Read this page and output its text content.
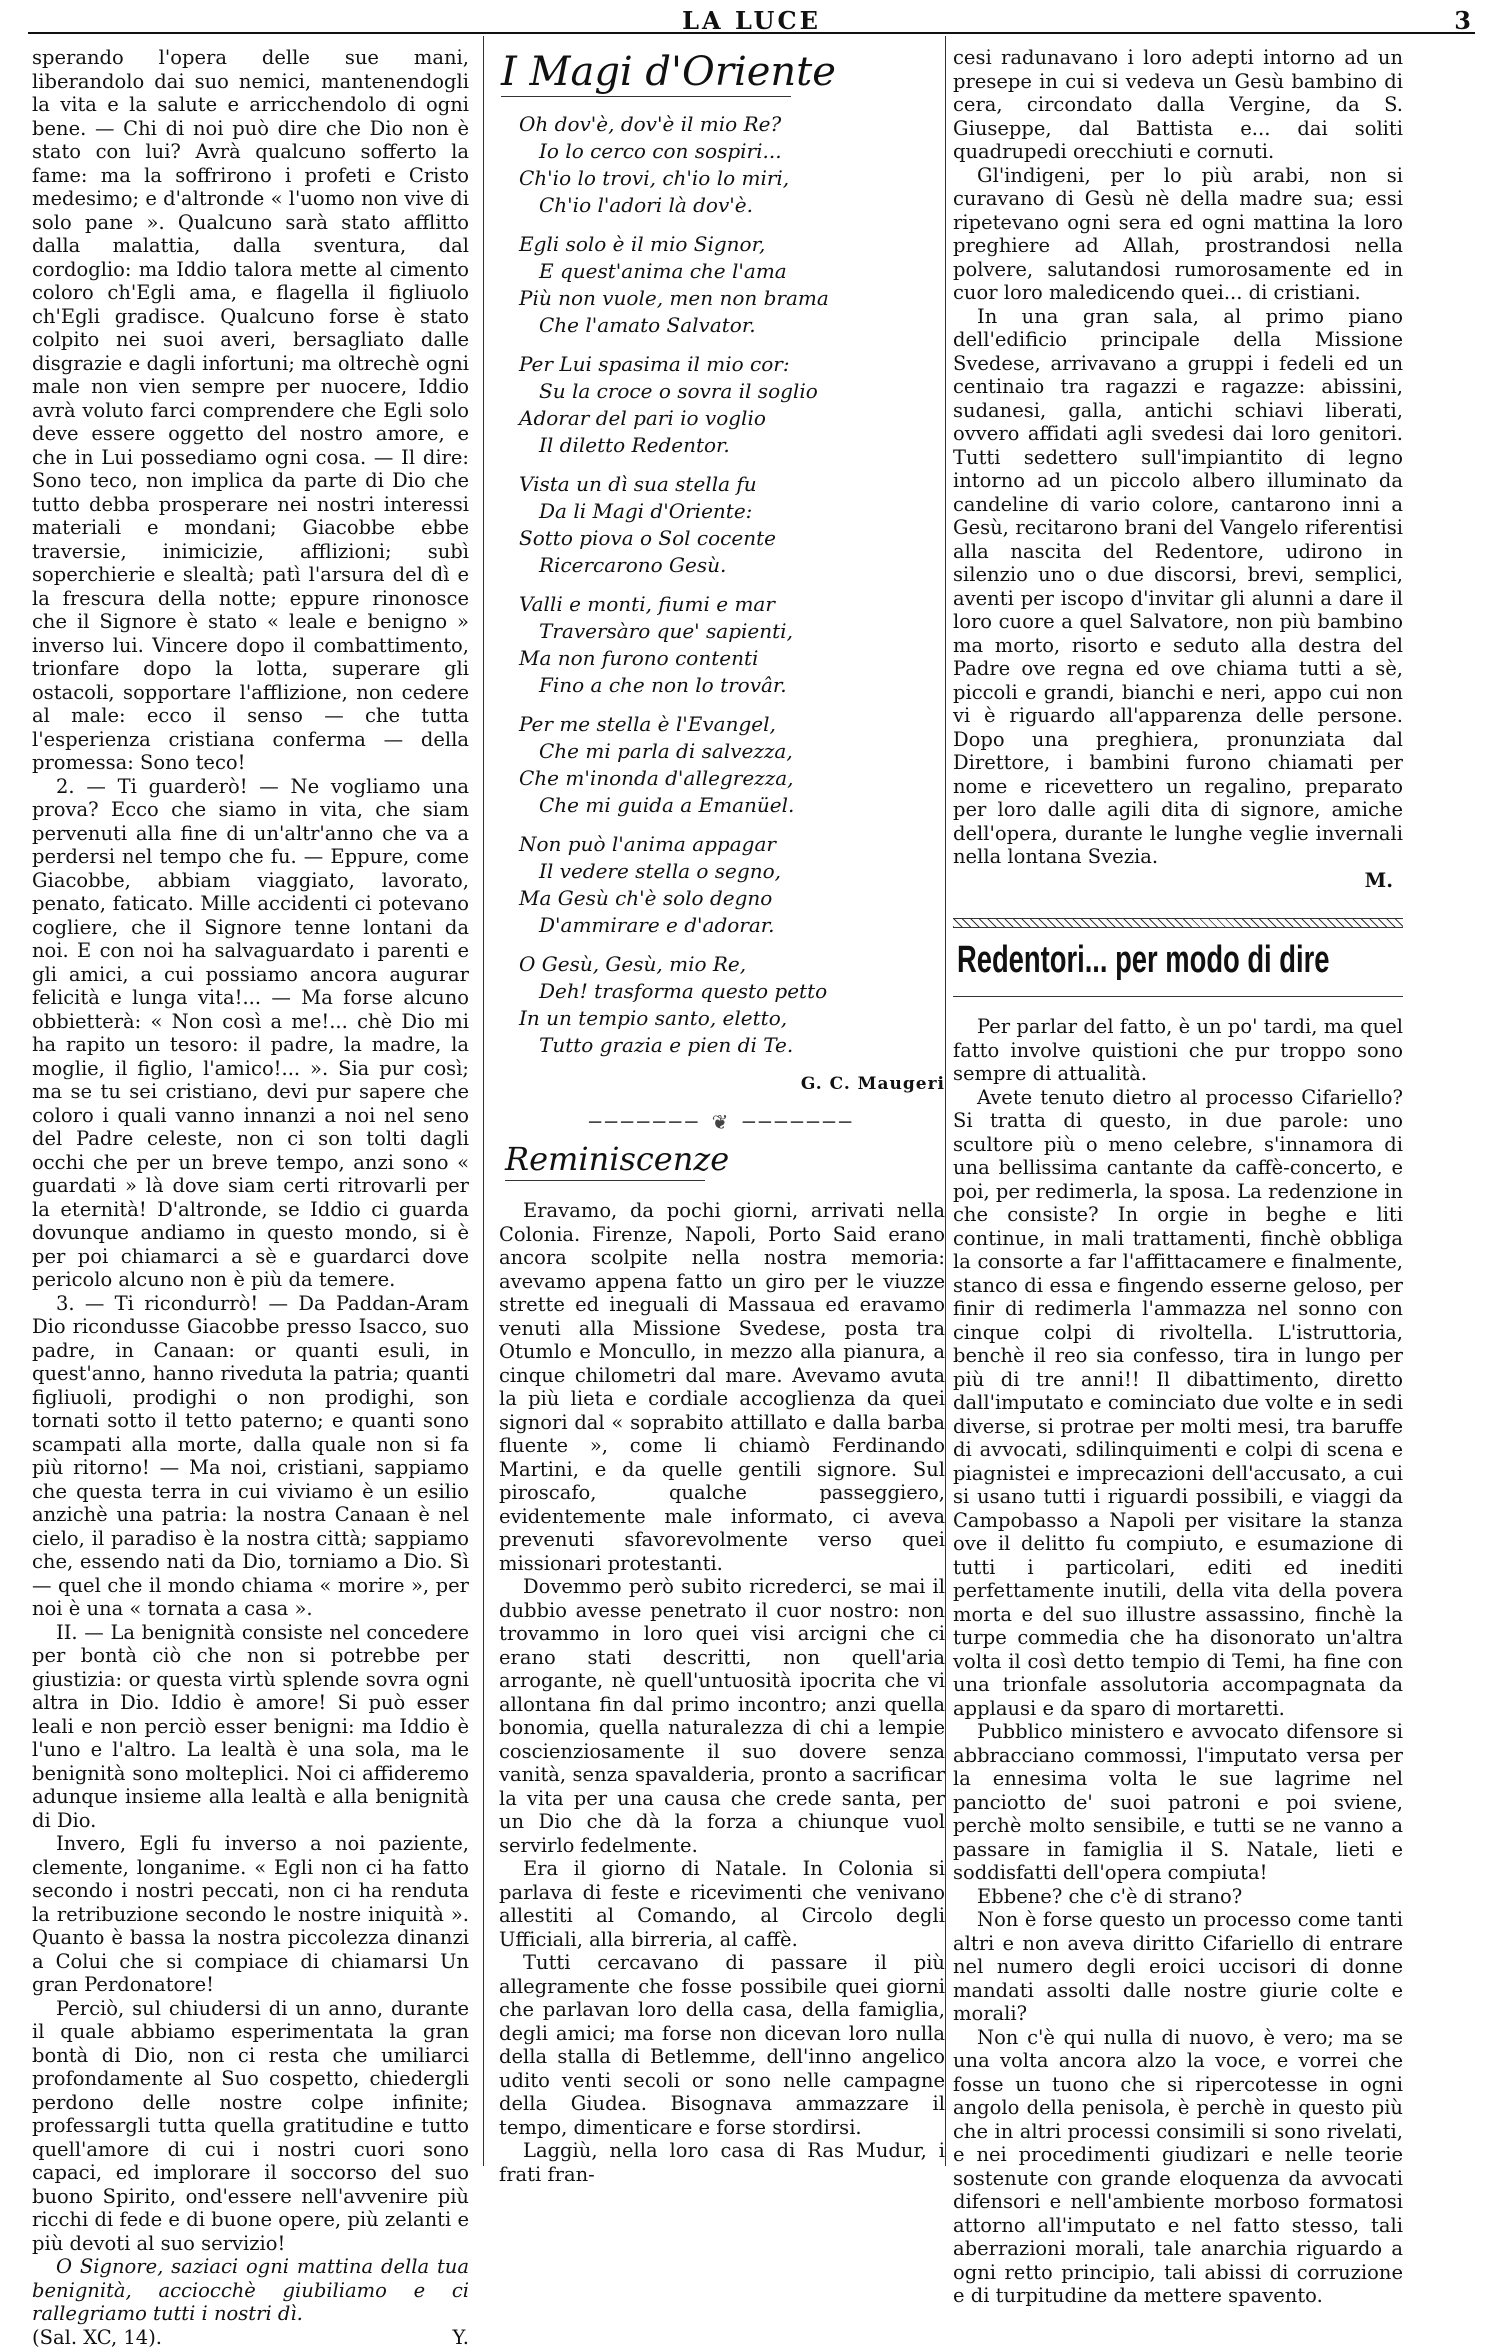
LA LUCE	3

sperando l'opera delle sue mani, liberandolo dai suo nemici, mantenendogli la vita e la salute e arricchendolo di ogni bene. — Chi di noi può dire che Dio non è stato con lui? Avrà qualcuno sofferto la fame: ma la soffrirono i profeti e Cristo medesimo; e d'altronde « l'uomo non vive di solo pane ». Qualcuno sarà stato afflitto dalla malattia, dalla sventura, dal cordoglio: ma Iddio talora mette al cimento coloro ch'Egli ama, e flagella il figliuolo ch'Egli gradisce. Qualcuno forse è stato colpito nei suoi averi, bersagliato dalle disgrazie e dagli infortuni; ma oltrechè ogni male non vien sempre per nuocere, Iddio avrà voluto farci comprendere che Egli solo deve essere oggetto del nostro amore, e che in Lui possediamo ogni cosa. — Il dire: Sono teco, non implica da parte di Dio che tutto debba prosperare nei nostri interessi materiali e mondani; Giacobbe ebbe traversie, inimicizie, afflizioni; subì soperchierie e slealtà; patì l'arsura del dì e la frescura della notte; eppure rinonosce che il Signore è stato « leale e benigno » inverso lui. Vincere dopo il combattimento, trionfare dopo la lotta, superare gli ostacoli, sopportare l'afflizione, non cedere al male: ecco il senso — che tutta l'esperienza cristiana conferma — della promessa: Sono teco!

2. — Ti guarderò! — Ne vogliamo una prova? Ecco che siamo in vita, che siam pervenuti alla fine di un'altr'anno che va a perdersi nel tempo che fu. — Eppure, come Giacobbe, abbiam viaggiato, lavorato, penato, faticato. Mille accidenti ci potevano cogliere, che il Signore tenne lontani da noi. E con noi ha salvaguardato i parenti e gli amici, a cui possiamo ancora augurar felicità e lunga vita!... — Ma forse alcuno obbietterà: « Non così a me!... chè Dio mi ha rapito un tesoro: il padre, la madre, la moglie, il figlio, l'amico!... ». Sia pur così; ma se tu sei cristiano, devi pur sapere che coloro i quali vanno innanzi a noi nel seno del Padre celeste, non ci son tolti dagli occhi che per un breve tempo, anzi sono « guardati » là dove siam certi ritrovarli per la eternità! D'altronde, se Iddio ci guarda dovunque andiamo in questo mondo, si è per poi chiamarci a sè e guardarci dove pericolo alcuno non è più da temere.

3. — Ti ricondurrò! — Da Paddan-Aram Dio ricondusse Giacobbe presso Isacco, suo padre, in Canaan: or quanti esuli, in quest'anno, hanno riveduta la patria; quanti figliuoli, prodighi o non prodighi, son tornati sotto il tetto paterno; e quanti sono scampati alla morte, dalla quale non si fa più ritorno! — Ma noi, cristiani, sappiamo che questa terra in cui viviamo è un esilio anzichè una patria: la nostra Canaan è nel cielo, il paradiso è la nostra città; sappiamo che, essendo nati da Dio, torniamo a Dio. Sì — quel che il mondo chiama « morire », per noi è una « tornata a casa ».

II. — La benignità consiste nel concedere per bontà ciò che non si potrebbe per giustizia: or questa virtù splende sovra ogni altra in Dio. Iddio è amore! Si può esser leali e non perciò esser benigni: ma Iddio è l'uno e l'altro. La lealtà è una sola, ma le benignità sono molteplici. Noi ci affideremo adunque insieme alla lealtà e alla benignità di Dio.

Invero, Egli fu inverso a noi paziente, clemente, longanime. « Egli non ci ha fatto secondo i nostri peccati, non ci ha renduta la retribuzione secondo le nostre iniquità ». Quanto è bassa la nostra piccolezza dinanzi a Colui che si compiace di chiamarsi Un gran Perdonatore!

Perciò, sul chiudersi di un anno, durante il quale abbiamo esperimentata la gran bontà di Dio, non ci resta che umiliarci profondamente al Suo cospetto, chiedergli perdono delle nostre colpe infinite; professargli tutta quella gratitudine e tutto quell'amore di cui i nostri cuori sono capaci, ed implorare il soccorso del suo buono Spirito, ond'essere nell'avvenire più ricchi di fede e di buone opere, più zelanti e più devoti al suo servizio!

O Signore, saziaci ogni mattina della tua benignità, acciocchè giubiliamo e ci rallegriamo tutti i nostri dì.

(Sal. XC, 14).	Y.
I Magi d'Oriente
Oh dov'è, dov'è il mio Re?
Io lo cerco con sospiri...
Ch'io lo trovi, ch'io lo miri,
Ch'io l'adori là dov'è.
Egli solo è il mio Signor,
E quest'anima che l'ama
Più non vuole, men non brama
Che l'amato Salvator.
Per Lui spasima il mio cor:
Su la croce o sovra il soglio
Adorar del pari io voglio
Il diletto Redentor.
Vista un dì sua stella fu
Da li Magi d'Oriente:
Sotto piova o Sol cocente
Ricercarono Gesù.
Valli e monti, fiumi e mar
Traversàro que' sapienti,
Ma non furono contenti
Fino a che non lo trovâr.
Per me stella è l'Evangel,
Che mi parla di salvezza,
Che m'inonda d'allegrezza,
Che mi guida a Emanüel.
Non può l'anima appagar
Il vedere stella o segno,
Ma Gesù ch'è solo degno
D'ammirare e d'adorar.
O Gesù, Gesù, mio Re,
Deh! trasforma questo petto
In un tempio santo, eletto,
Tutto grazia e pien di Te.
G. C. Maugeri
─────── ❦ ───────
Reminiscenze

Eravamo, da pochi giorni, arrivati nella Colonia. Firenze, Napoli, Porto Said erano ancora scolpite nella nostra memoria: avevamo appena fatto un giro per le viuzze strette ed ineguali di Massaua ed eravamo venuti alla Missione Svedese, posta tra Otumlo e Moncullo, in mezzo alla pianura, a cinque chilometri dal mare. Avevamo avuta la più lieta e cordiale accoglienza da quei signori dal « soprabito attillato e dalla barba fluente », come li chiamò Ferdinando Martini, e da quelle gentili signore. Sul piroscafo, qualche passeggiero, evidentemente male informato, ci aveva prevenuti sfavorevolmente verso quei missionari protestanti.

Dovemmo però subito ricrederci, se mai il dubbio avesse penetrato il cuor nostro: non trovammo in loro quei visi arcigni che ci erano stati descritti, non quell'aria arrogante, nè quell'untuosità ipocrita che vi allontana fin dal primo incontro; anzi quella bonomia, quella naturalezza di chi a lempie coscienziosamente il suo dovere senza vanità, senza spavalderia, pronto a sacrificar la vita per una causa che crede santa, per un Dio che dà la forza a chiunque vuol servirlo fedelmente.

Era il giorno di Natale. In Colonia si parlava di feste e ricevimenti che venivano allestiti al Comando, al Circolo degli Ufficiali, alla birreria, al caffè.

Tutti cercavano di passare il più allegramente che fosse possibile quei giorni che parlavan loro della casa, della famiglia, degli amici; ma forse non dicevan loro nulla della stalla di Betlemme, dell'inno angelico udito venti secoli or sono nelle campagne della Giudea. Bisognava ammazzare il tempo, dimenticare e forse stordirsi.

Laggiù, nella loro casa di Ras Mudur, i frati fran-

cesi radunavano i loro adepti intorno ad un presepe in cui si vedeva un Gesù bambino di cera, circondato dalla Vergine, da S. Giuseppe, dal Battista e... dai soliti quadrupedi orecchiuti e cornuti.

Gl'indigeni, per lo più arabi, non si curavano di Gesù nè della madre sua; essi ripetevano ogni sera ed ogni mattina la loro preghiere ad Allah, prostrandosi nella polvere, salutandosi rumorosamente ed in cuor loro maledicendo quei... di cristiani.

In una gran sala, al primo piano dell'edificio principale della Missione Svedese, arrivavano a gruppi i fedeli ed un centinaio tra ragazzi e ragazze: abissini, sudanesi, galla, antichi schiavi liberati, ovvero affidati agli svedesi dai loro genitori. Tutti sedettero sull'impiantito di legno intorno ad un piccolo albero illuminato da candeline di vario colore, cantarono inni a Gesù, recitarono brani del Vangelo riferentisi alla nascita del Redentore, udirono in silenzio uno o due discorsi, brevi, semplici, aventi per iscopo d'invitar gli alunni a dare il loro cuore a quel Salvatore, non più bambino ma morto, risorto e seduto alla destra del Padre ove regna ed ove chiama tutti a sè, piccoli e grandi, bianchi e neri, appo cui non vi è riguardo all'apparenza delle persone. Dopo una preghiera, pronunziata dal Direttore, i bambini furono chiamati per nome e ricevettero un regalino, preparato per loro dalle agili dita di signore, amiche dell'opera, durante le lunghe veglie invernali nella lontana Svezia.

M.
Redentori... per modo di dire

Per parlar del fatto, è un po' tardi, ma quel fatto involve quistioni che pur troppo sono sempre di attualità.

Avete tenuto dietro al processo Cifariello? Si tratta di questo, in due parole: uno scultore più o meno celebre, s'innamora di una bellissima cantante da caffè-concerto, e poi, per redimerla, la sposa. La redenzione in che consiste? In orgie in beghe e liti continue, in mali trattamenti, finchè obbliga la consorte a far l'affittacamere e finalmente, stanco di essa e fingendo esserne geloso, per finir di redimerla l'ammazza nel sonno con cinque colpi di rivoltella. L'istruttoria, benchè il reo sia confesso, tira in lungo per più di tre anni!! Il dibattimento, diretto dall'imputato e cominciato due volte e in sedi diverse, si protrae per molti mesi, tra baruffe di avvocati, sdilinquimenti e colpi di scena e piagnistei e imprecazioni dell'accusato, a cui si usano tutti i riguardi possibili, e viaggi da Campobasso a Napoli per visitare la stanza ove il delitto fu compiuto, e esumazione di tutti i particolari, editi ed inediti perfettamente inutili, della vita della povera morta e del suo illustre assassino, finchè la turpe commedia che ha disonorato un'altra volta il così detto tempio di Temi, ha fine con una trionfale assolutoria accompagnata da applausi e da sparo di mortaretti.

Pubblico ministero e avvocato difensore si abbracciano commossi, l'imputato versa per la ennesima volta le sue lagrime nel panciotto de' suoi patroni e poi sviene, perchè molto sensibile, e tutti se ne vanno a passare in famiglia il S. Natale, lieti e soddisfatti dell'opera compiuta!

Ebbene? che c'è di strano?

Non è forse questo un processo come tanti altri e non aveva diritto Cifariello di entrare nel numero degli eroici uccisori di donne mandati assolti dalle nostre giurie colte e morali?

Non c'è qui nulla di nuovo, è vero; ma se una volta ancora alzo la voce, e vorrei che fosse un tuono che si ripercotesse in ogni angolo della penisola, è perchè in questo più che in altri processi consimili si sono rivelati, e nei procedimenti giudizari e nelle teorie sostenute con grande eloquenza da avvocati difensori e nell'ambiente morboso formatosi attorno all'imputato e nel fatto stesso, tali aberrazioni morali, tale anarchia riguardo a ogni retto principio, tali abissi di corruzione e di turpitudine da mettere spavento.
